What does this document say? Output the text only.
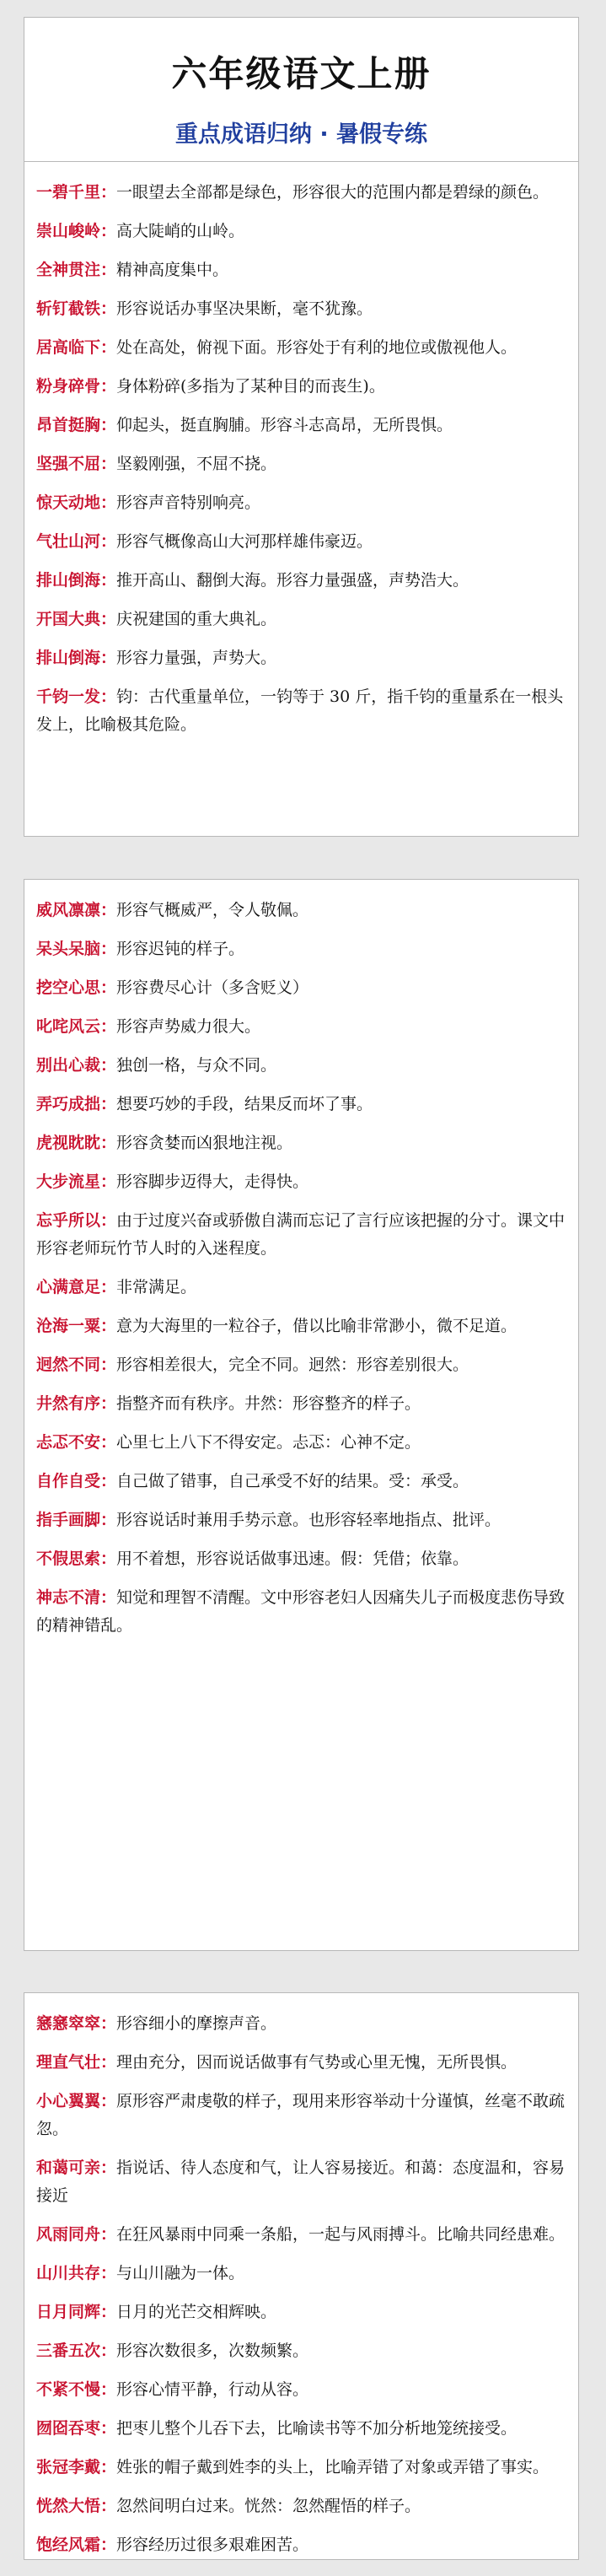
六年级语文上册
重点成语归纳 · 暑假专练
一碧千里：一眼望去全部都是绿色，形容很大的范围内都是碧绿的颜色。
崇山峻岭：高大陡峭的山岭。
全神贯注：精神高度集中。
斩钉截铁：形容说话办事坚决果断，毫不犹豫。
居高临下：处在高处，俯视下面。形容处于有利的地位或傲视他人。
粉身碎骨：身体粉碎(多指为了某种目的而丧生)。
昂首挺胸：仰起头，挺直胸脯。形容斗志高昂，无所畏惧。
坚强不屈：坚毅刚强，不屈不挠。
惊天动地：形容声音特别响亮。
气壮山河：形容气概像高山大河那样雄伟豪迈。
排山倒海：推开高山、翻倒大海。形容力量强盛，声势浩大。
开国大典：庆祝建国的重大典礼。
排山倒海：形容力量强，声势大。
千钧一发：钧：古代重量单位，一钧等于 30 斤，指千钧的重量系在一根头发上，比喻极其危险。
威风凛凛：形容气概威严，令人敬佩。
呆头呆脑：形容迟钝的样子。
挖空心思：形容费尽心计（多含贬义）
叱咤风云：形容声势威力很大。
别出心裁：独创一格，与众不同。
弄巧成拙：想要巧妙的手段，结果反而坏了事。
虎视眈眈：形容贪婪而凶狠地注视。
大步流星：形容脚步迈得大，走得快。
忘乎所以：由于过度兴奋或骄傲自满而忘记了言行应该把握的分寸。课文中形容老师玩竹节人时的入迷程度。
心满意足：非常满足。
沧海一粟：意为大海里的一粒谷子，借以比喻非常渺小，微不足道。
迥然不同：形容相差很大，完全不同。迥然：形容差别很大。
井然有序：指整齐而有秩序。井然：形容整齐的样子。
忐忑不安：心里七上八下不得安定。忐忑：心神不定。
自作自受：自己做了错事，自己承受不好的结果。受：承受。
指手画脚：形容说话时兼用手势示意。也形容轻率地指点、批评。
不假思索：用不着想，形容说话做事迅速。假：凭借；依靠。
神志不清：知觉和理智不清醒。文中形容老妇人因痛失儿子而极度悲伤导致的精神错乱。
窸窸窣窣：形容细小的摩擦声音。
理直气壮：理由充分，因而说话做事有气势或心里无愧，无所畏惧。
小心翼翼：原形容严肃虔敬的样子，现用来形容举动十分谨慎，丝毫不敢疏忽。
和蔼可亲：指说话、待人态度和气，让人容易接近。和蔼：态度温和，容易接近
风雨同舟：在狂风暴雨中同乘一条船，一起与风雨搏斗。比喻共同经患难。
山川共存：与山川融为一体。
日月同辉：日月的光芒交相辉映。
三番五次：形容次数很多，次数频繁。
不紧不慢：形容心情平静，行动从容。
囫囵吞枣：把枣儿整个儿吞下去，比喻读书等不加分析地笼统接受。
张冠李戴：姓张的帽子戴到姓李的头上，比喻弄错了对象或弄错了事实。
恍然大悟：忽然间明白过来。恍然：忽然醒悟的样子。
饱经风霜：形容经历过很多艰难困苦。
